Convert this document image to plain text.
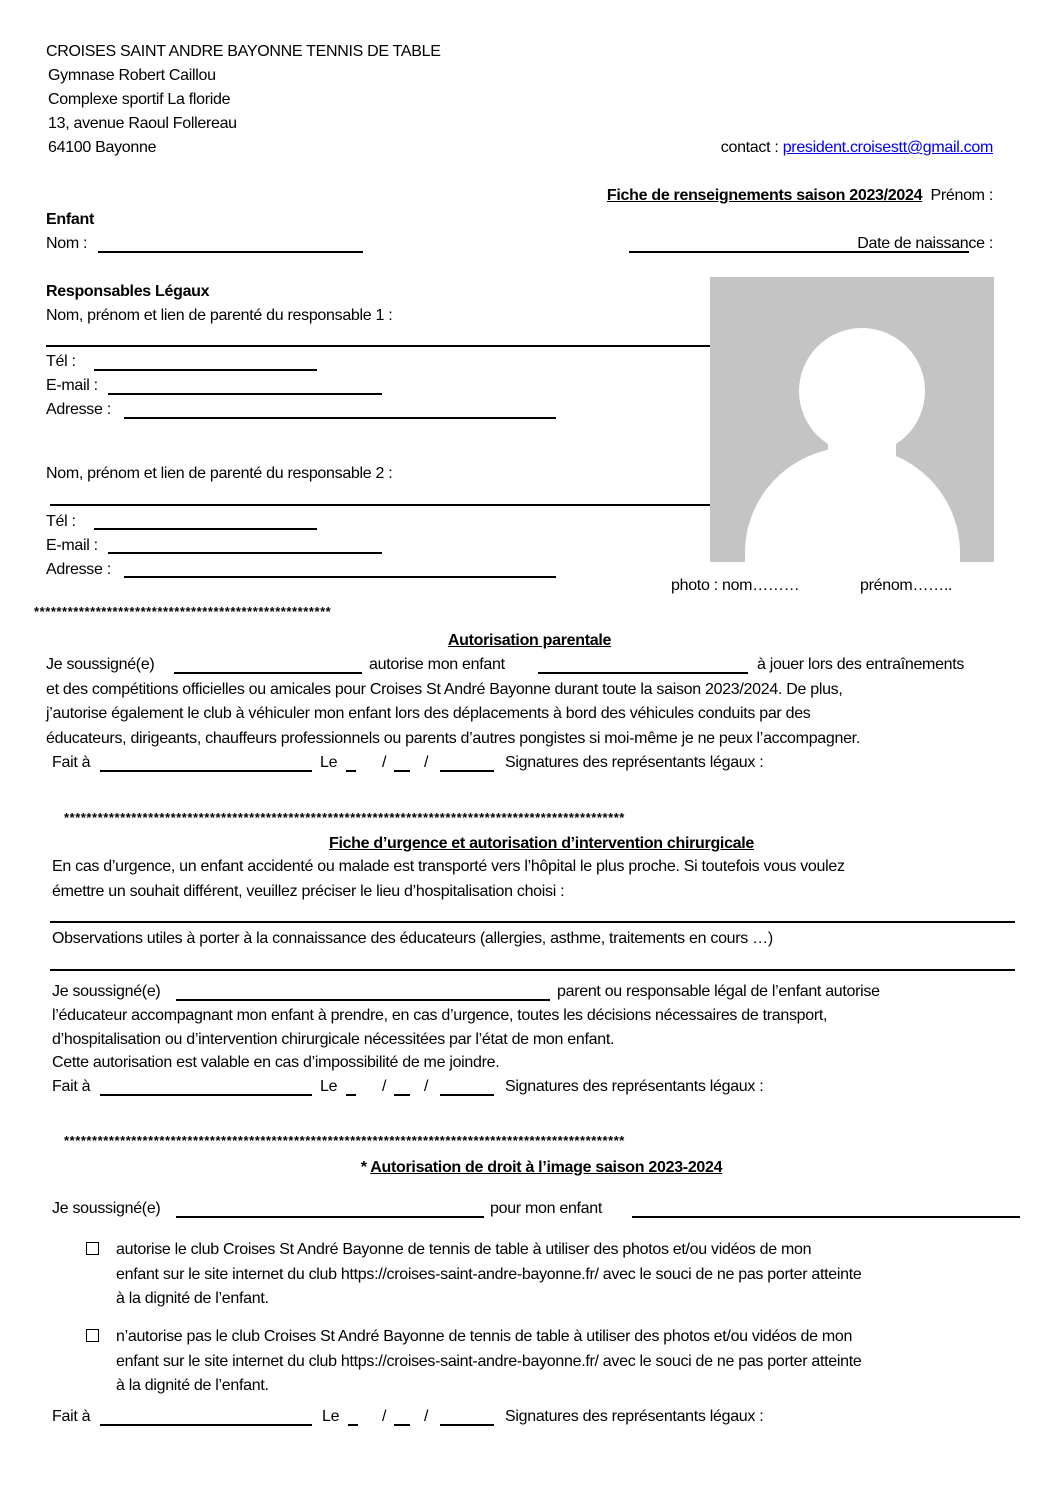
CROISES SAINT ANDRE BAYONNE TENNIS DE TABLE
Gymnase Robert Caillou
Complexe sportif La floride
13, avenue Raoul Follereau
64100 Bayonne	contact : president.croisestt@gmail.com
Fiche de renseignements saison 2023/2024 Prénom :
Enfant
Nom :	Date de naissance :
Responsables Légaux
Nom, prénom et lien de parenté du responsable 1 :
Tél :
E-mail :
Adresse :
Nom, prénom et lien de parenté du responsable 2 :
Tél :
E-mail :
Adresse :
photo : nom………	prénom……..
*****************************************************
Autorisation parentale
Je soussigné(e)	autorise mon enfant	à jouer lors des entraînements
et des compétitions officielles ou amicales pour Croises St André Bayonne durant toute la saison 2023/2024. De plus,
j’autorise également le club à véhiculer mon enfant lors des déplacements à bord des véhicules conduits par des
éducateurs, dirigeants, chauffeurs professionnels ou parents d’autres pongistes si moi-même je ne peux l’accompagner.
Fait à	Le	/ /	Signatures des représentants légaux :
****************************************************************************************************
Fiche d’urgence et autorisation d’intervention chirurgicale
En cas d’urgence, un enfant accidenté ou malade est transporté vers l’hôpital le plus proche. Si toutefois vous voulez
émettre un souhait différent, veuillez préciser le lieu d’hospitalisation choisi :
Observations utiles à porter à la connaissance des éducateurs (allergies, asthme, traitements en cours …)
Je soussigné(e)	parent ou responsable légal de l’enfant autorise
l’éducateur accompagnant mon enfant à prendre, en cas d’urgence, toutes les décisions nécessaires de transport,
d’hospitalisation ou d’intervention chirurgicale nécessitées par l’état de mon enfant.
Cette autorisation est valable en cas d’impossibilité de me joindre.
Fait à	Le	/ /	Signatures des représentants légaux :
****************************************************************************************************
* Autorisation de droit à l’image saison 2023-2024
Je soussigné(e)	pour mon enfant
autorise le club Croises St André Bayonne de tennis de table à utiliser des photos et/ou vidéos de mon
enfant sur le site internet du club https://croises-saint-andre-bayonne.fr/ avec le souci de ne pas porter atteinte
à la dignité de l’enfant.
n’autorise pas le club Croises St André Bayonne de tennis de table à utiliser des photos et/ou vidéos de mon
enfant sur le site internet du club https://croises-saint-andre-bayonne.fr/ avec le souci de ne pas porter atteinte
à la dignité de l’enfant.
Fait à	Le	/ /	Signatures des représentants légaux :
